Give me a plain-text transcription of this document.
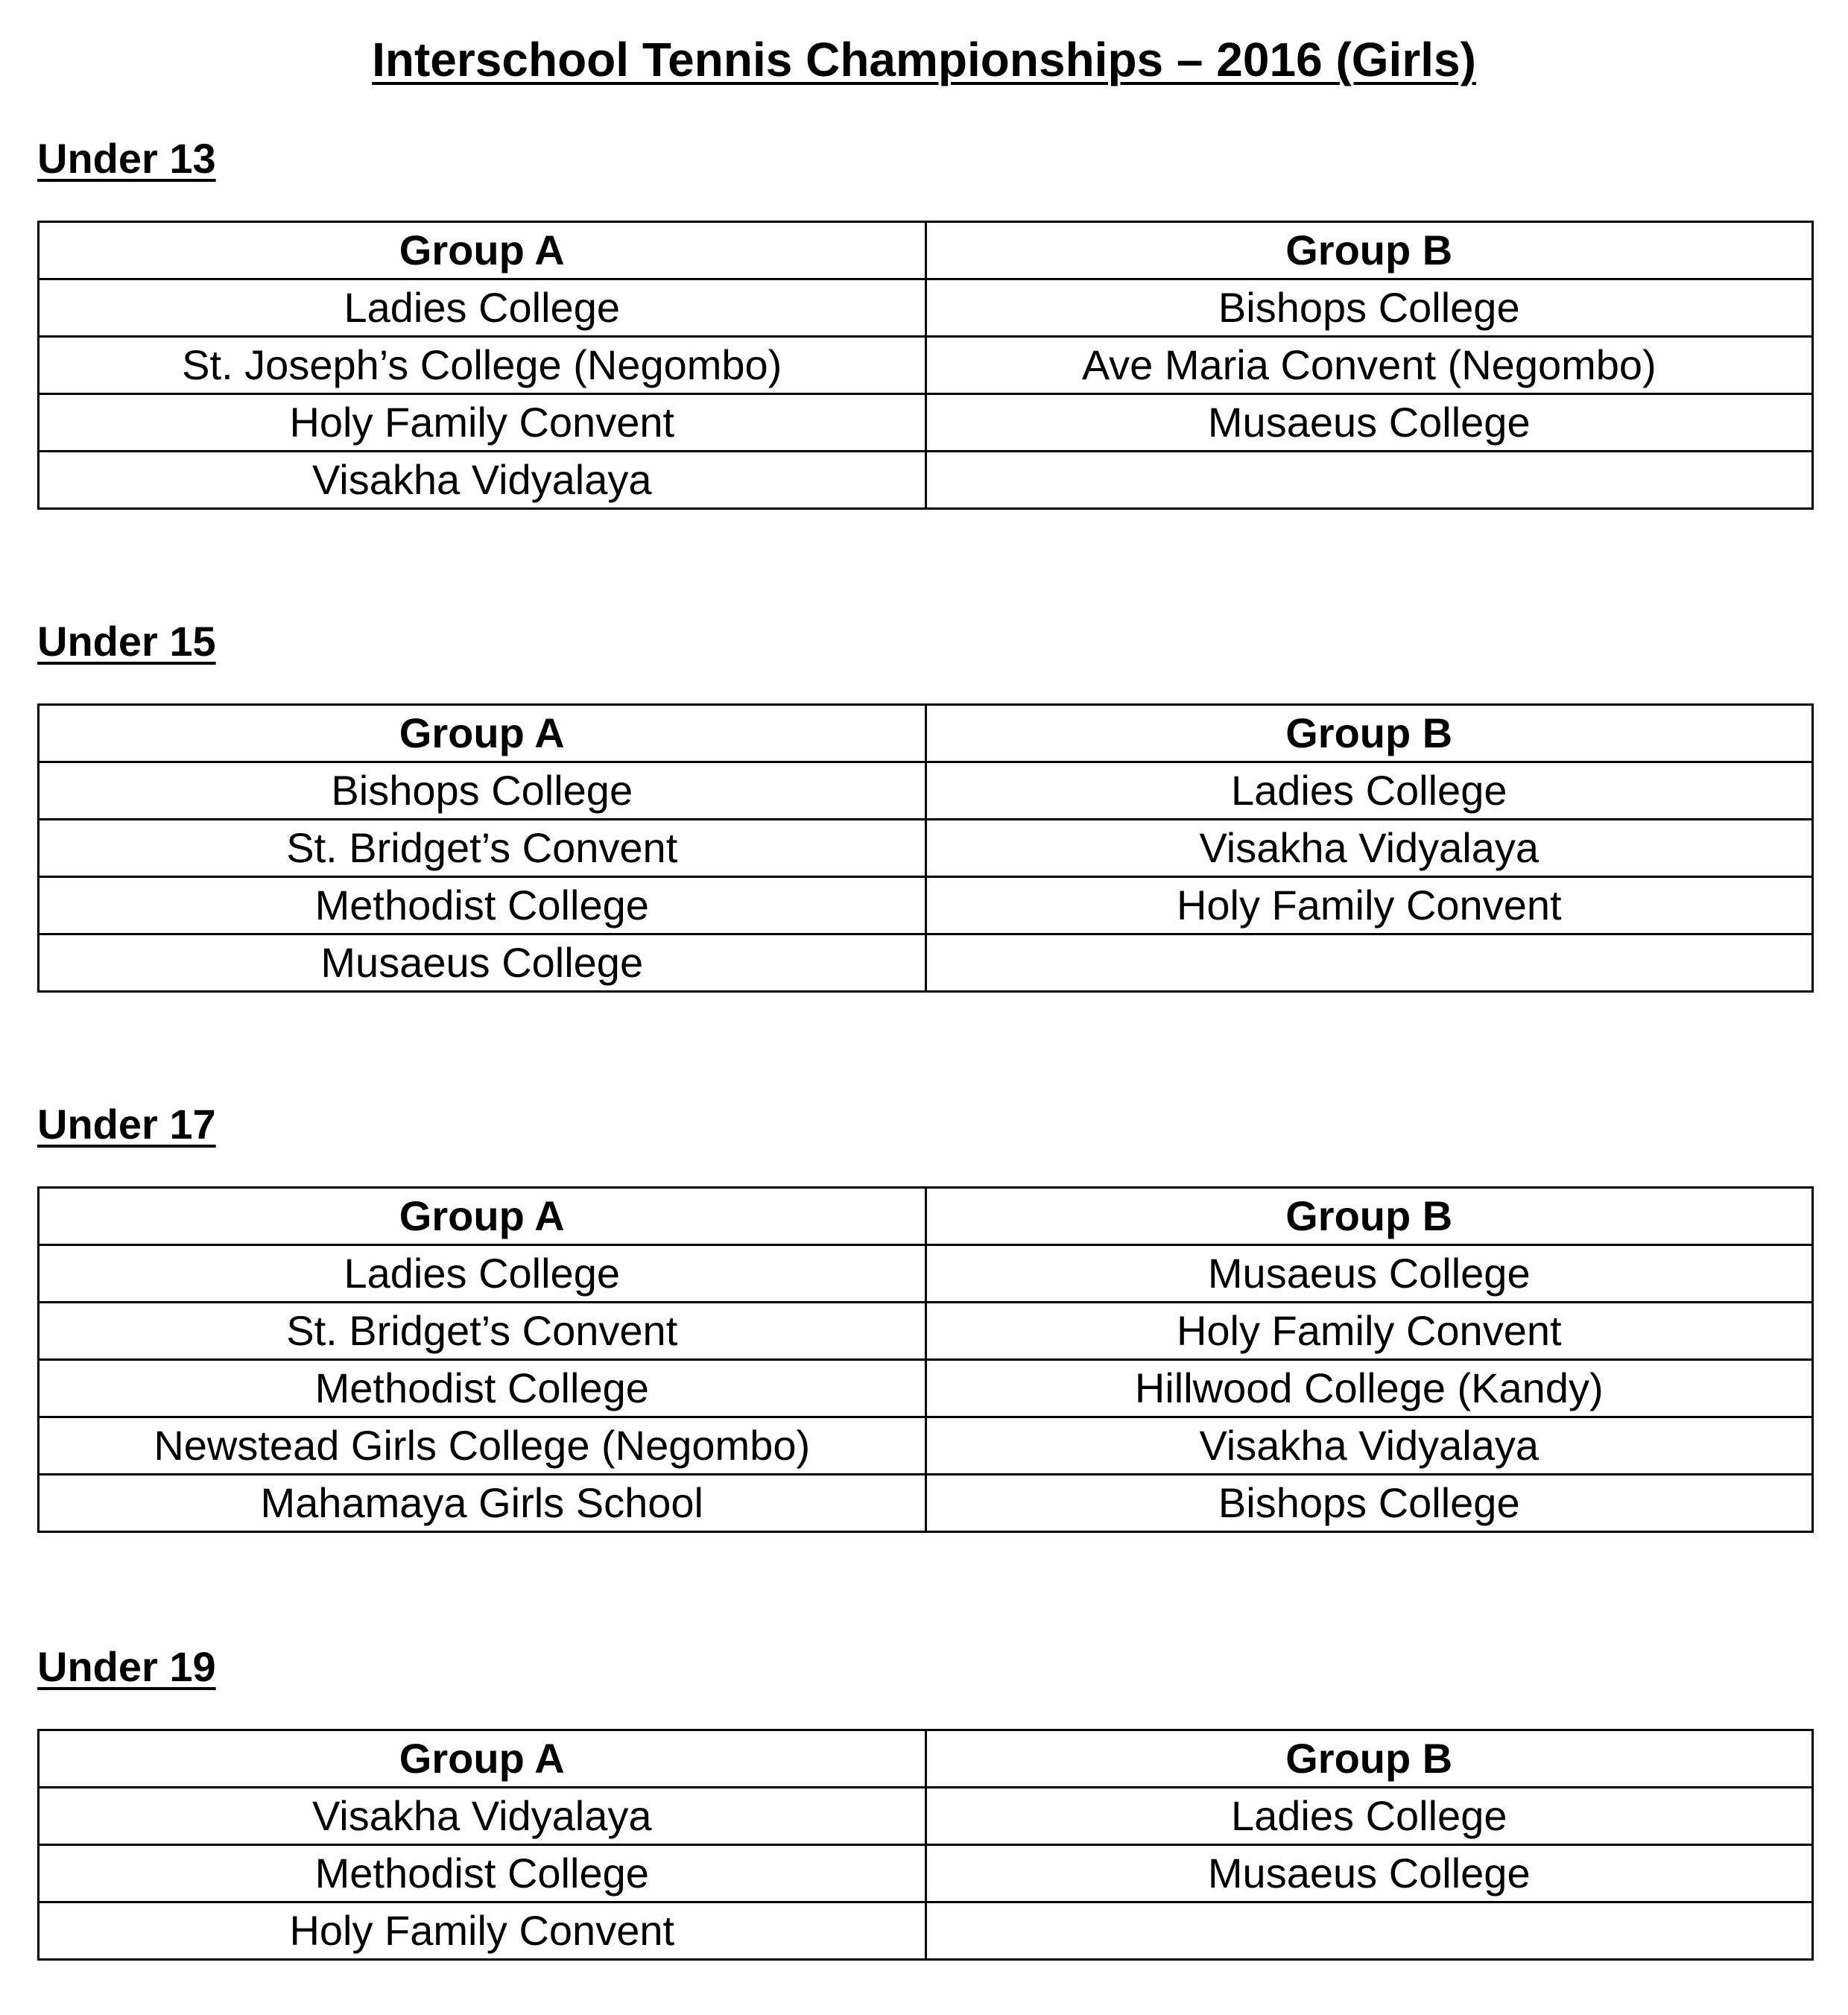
Interschool Tennis Championships – 2016 (Girls)
Under 13
Group A	Group B
Ladies College	Bishops College
St. Joseph’s College (Negombo)	Ave Maria Convent (Negombo)
Holy Family Convent	Musaeus College
Visakha Vidyalaya	
Under 15
Group A	Group B
Bishops College	Ladies College
St. Bridget’s Convent	Visakha Vidyalaya
Methodist College	Holy Family Convent
Musaeus College	
Under 17
Group A	Group B
Ladies College	Musaeus College
St. Bridget’s Convent	Holy Family Convent
Methodist College	Hillwood College (Kandy)
Newstead Girls College (Negombo)	Visakha Vidyalaya
Mahamaya Girls School	Bishops College
Under 19
Group A	Group B
Visakha Vidyalaya	Ladies College
Methodist College	Musaeus College
Holy Family Convent	
